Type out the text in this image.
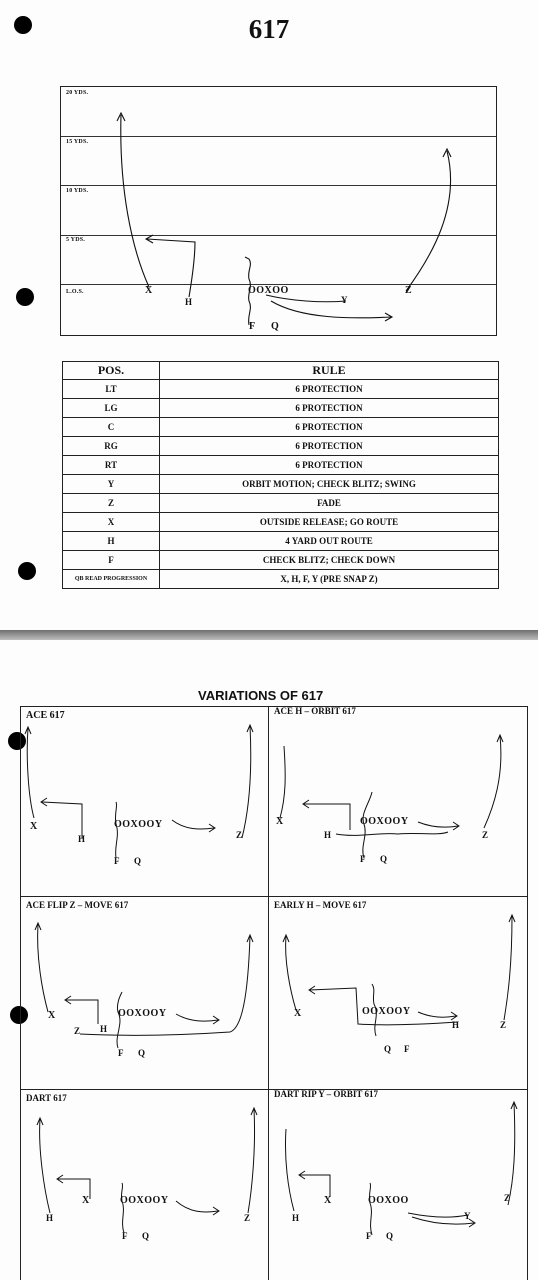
617
20 YDS.
15 YDS.
10 YDS.
5 YDS.
L.O.S.	X
H
OOXOO
Y
Z
F Q
POS.	RULE
LT	6 PROTECTION
LG	6 PROTECTION
C	6 PROTECTION
RG	6 PROTECTION
RT	6 PROTECTION
Y	ORBIT MOTION; CHECK BLITZ; SWING
Z	FADE
X	OUTSIDE RELEASE; GO ROUTE
H	4 YARD OUT ROUTE
F	CHECK BLITZ; CHECK DOWN
QB READ PROGRESSION	X, H, F, Y (PRE SNAP Z)
VARIATIONS OF 617
ACE 617
X
H
OOXOOY
Z
F Q
ACE H – ORBIT 617
X
H
OOXOOY
Z
F Q
ACE FLIP Z – MOVE 617
X
Z H
OOXOOY
F Q
EARLY H – MOVE 617
X	OOXOOY
H	Z
Q F
DART 617
H
X	OOXOOY
Z
F Q
DART RIP Y – ORBIT 617
H
X	OOXOO
Y
Z
F Q
